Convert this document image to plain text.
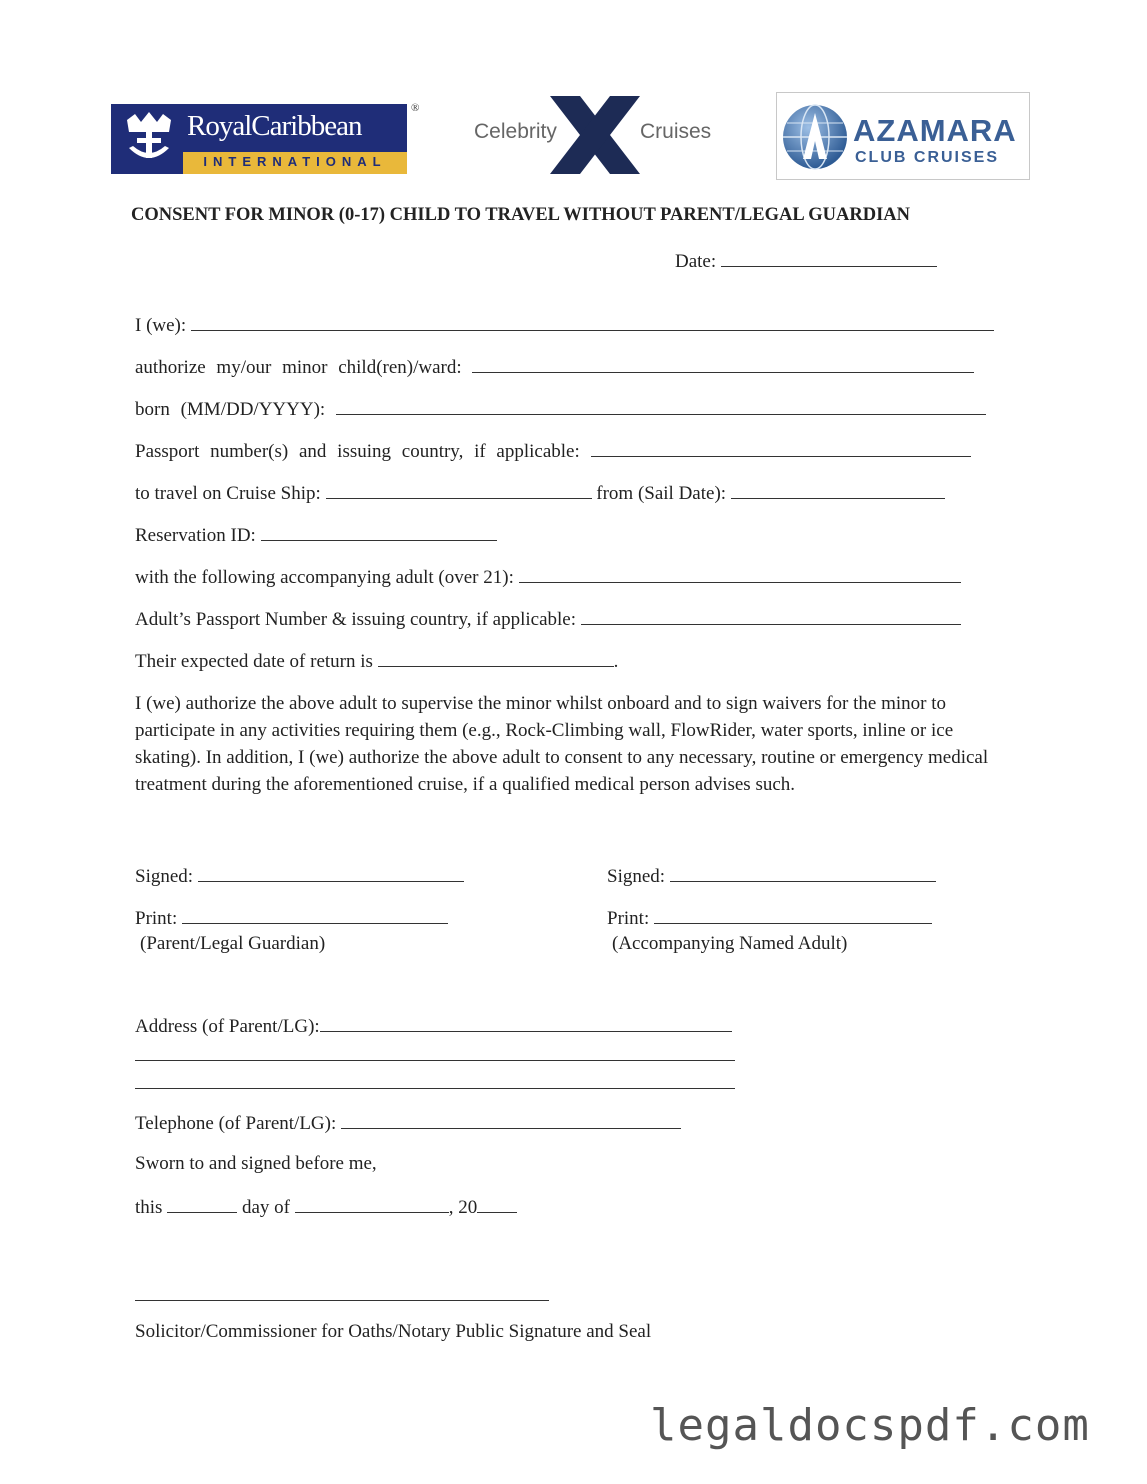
RoyalCaribbean
INTERNATIONAL
®
Celebrity	Cruises	AZAMARA
CLUB CRUISES
CONSENT FOR MINOR (0-17) CHILD TO TRAVEL WITHOUT PARENT/LEGAL GUARDIAN
Date:
I (we):
authorize my/our minor child(ren)/ward:
born (MM/DD/YYYY):
Passport number(s) and issuing country, if applicable:
to travel on Cruise Ship:	from (Sail Date):
Reservation ID:
with the following accompanying adult (over 21):
Adult’s Passport Number & issuing country, if applicable:
Their expected date of return is	.
I (we) authorize the above adult to supervise the minor whilst onboard and to sign waivers for the minor to participate in any activities requiring them (e.g., Rock-Climbing wall, FlowRider, water sports, inline or ice skating). In addition, I (we) authorize the above adult to consent to any necessary, routine or emergency medical treatment during the aforementioned cruise, if a qualified medical person advises such.
Signed:
Print:
(Parent/Legal Guardian)
Signed:
Print:
(Accompanying Named Adult)
Address (of Parent/LG):
Telephone (of Parent/LG):
Sworn to and signed before me,
this	day of	, 20
Solicitor/Commissioner for Oaths/Notary Public Signature and Seal
legaldocspdf.com
